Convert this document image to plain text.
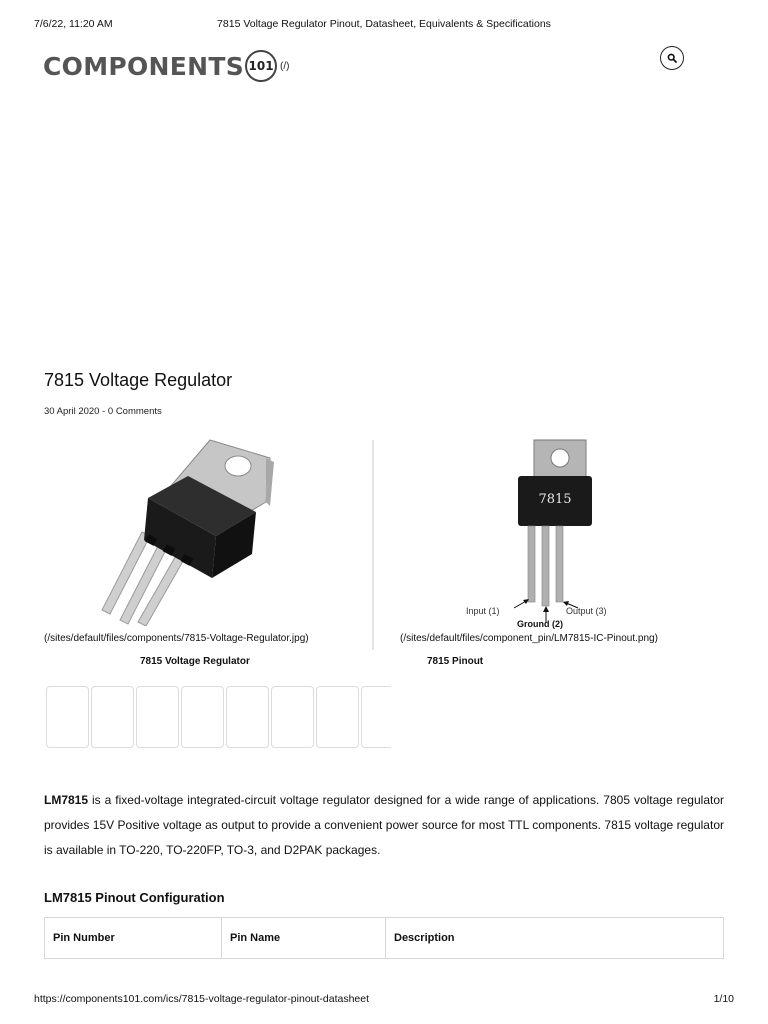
7/6/22, 11:20 AM	7815 Voltage Regulator Pinout, Datasheet, Equivalents & Specifications
COMPONENTS 101 (/)
7815 Voltage Regulator
30 April 2020 - 0 Comments
(/sites/default/files/components/7815-Voltage-Regulator.jpg)
7815 Voltage Regulator
7815
Input (1)
Ground (2)
Output (3)
(/sites/default/files/component_pin/LM7815-IC-Pinout.png)
7815 Pinout

LM7815 is a fixed-voltage integrated-circuit voltage regulator designed for a wide range of applications. 7805 voltage regulator provides 15V Positive voltage as output to provide a convenient power source for most TTL components. 7815 voltage regulator is available in TO-220, TO-220FP, TO-3, and D2PAK packages.

LM7815 Pinout Configuration
Pin Number	Pin Name	Description
https://components101.com/ics/7815-voltage-regulator-pinout-datasheet	1/10
